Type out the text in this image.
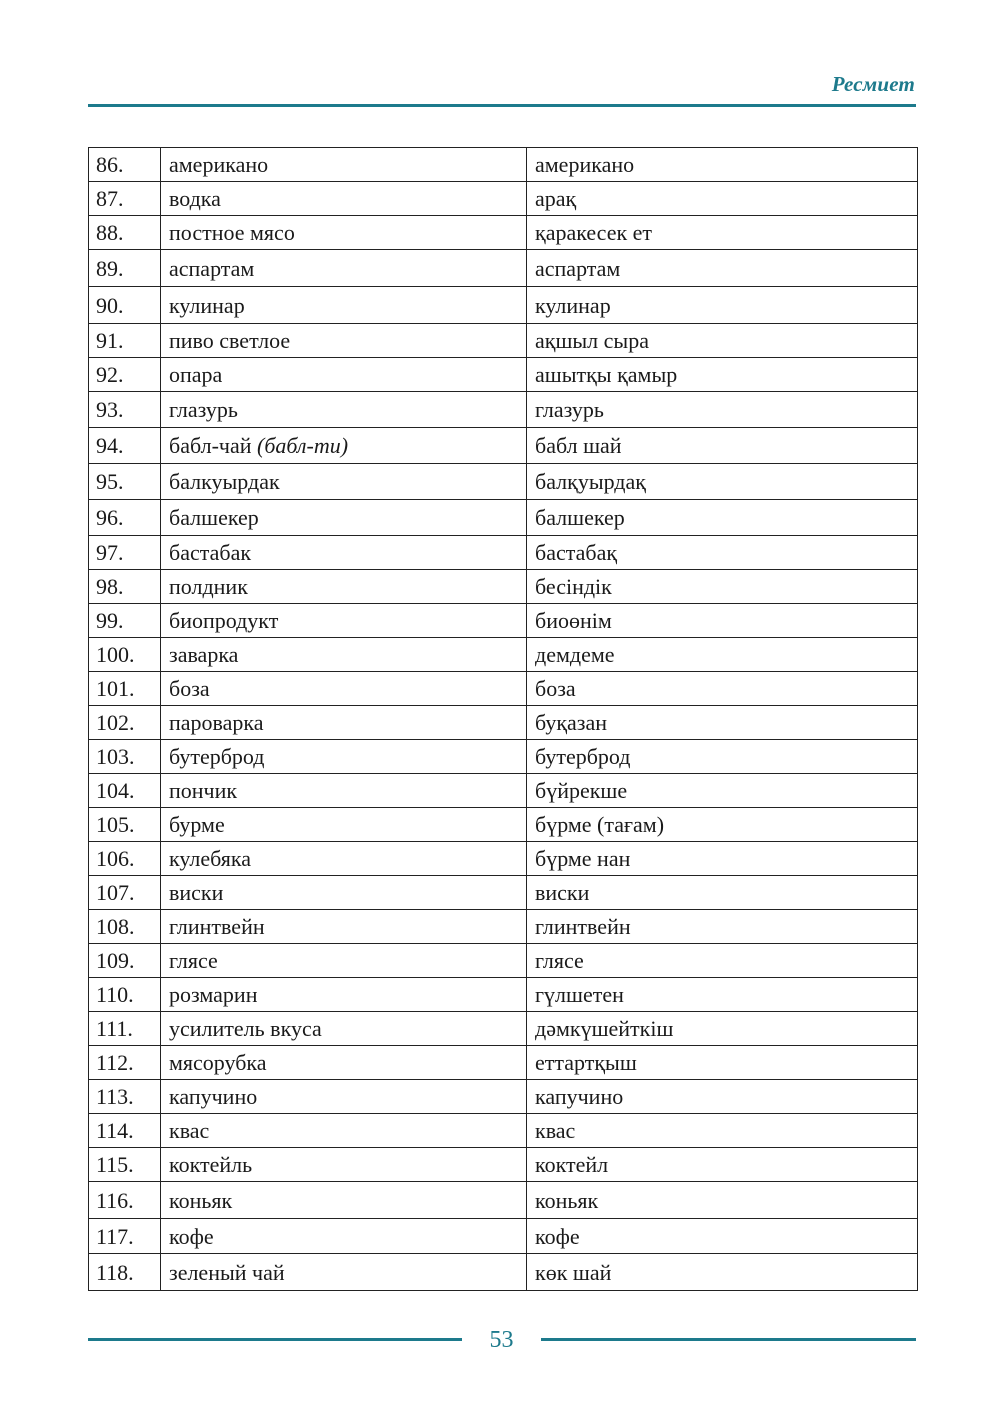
Ресмиет
86.	американо	американо
87.	водка	арақ
88.	постное мясо	қаракесек ет
89.	аспартам	аспартам
90.	кулинар	кулинар
91.	пиво светлое	ақшыл сыра
92.	опара	ашытқы қамыр
93.	глазурь	глазурь
94.	бабл-чай (бабл-ти)	бабл шай
95.	балкуырдак	балқуырдақ
96.	балшекер	балшекер
97.	бастабак	бастабақ
98.	полдник	бесіндік
99.	биопродукт	биоөнім
100.	заварка	демдеме
101.	боза	боза
102.	пароварка	буқазан
103.	бутерброд	бутерброд
104.	пончик	бүйрекше
105.	бурме	бүрме (тағам)
106.	кулебяка	бүрме нан
107.	виски	виски
108.	глинтвейн	глинтвейн
109.	глясе	глясе
110.	розмарин	гүлшетен
111.	усилитель вкуса	дәмкүшейткіш
112.	мясорубка	еттартқыш
113.	капучино	капучино
114.	квас	квас
115.	коктейль	коктейл
116.	коньяк	коньяк
117.	кофе	кофе
118.	зеленый чай	көк шай
53
